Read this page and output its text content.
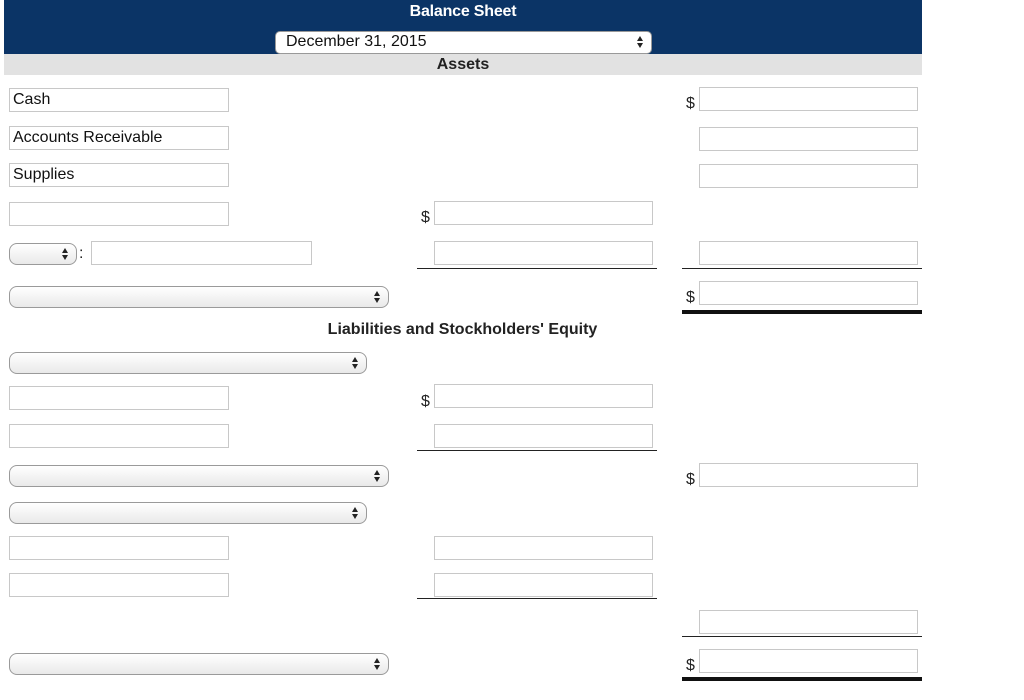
Balance Sheet
December 31, 2015
Assets
Cash
$
Accounts Receivable
Supplies
$
:
$
Liabilities and Stockholders' Equity
$
$
$
